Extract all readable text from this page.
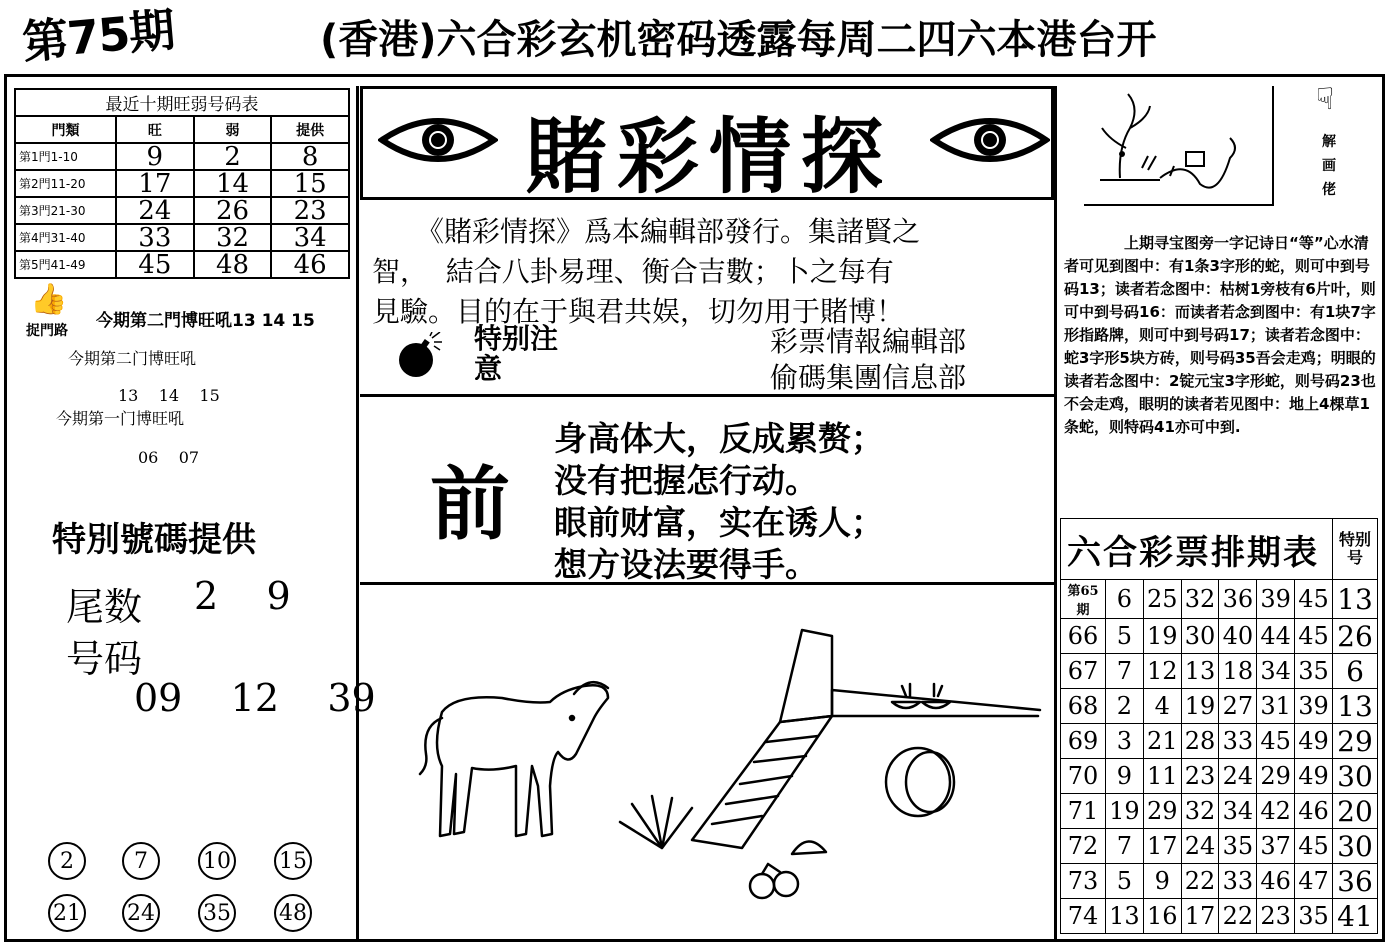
第75期	(香港)六合彩玄机密码透露每周二四六本港台开
最近十期旺弱号码表			
門類	旺	弱	提供
第1門1-10	9	2	8
第2門11-20	17	14	15
第3門21-30	24	26	23
第4門31-40	33	32	34
第5門41-49	45	48	46
👍
捉門路 今期第二門博旺吼13 14 15
今期第二门博旺吼
13    14    15
今期第一门博旺吼
06    07
特別號碼提供
尾数 2    9
号码
09    12    39
2	7	10 15
21 24 35 48
賭彩情探

《賭彩情探》爲本編輯部發行。集諸賢之

智，  結合八卦易理、衡合吉數；卜之每有

見驗。目的在于與君共娱，切勿用于賭博！

特别注意
彩票情報編輯部
偷碼集團信息部
前
身高体大，反成累赘；
没有把握怎行动。
眼前财富，实在诱人；
想方设法要得手。
☟
解画佬

上期寻宝图旁一字记诗日“等”心水清者可见到图中：有1条3字形的蛇，则可中到号码13；读者若念图中：枯树1旁枝有6片叶，则可中到号码16：而读者若念到图中：有1块7字形指路牌，则可中到号码17；读者若念图中：蛇3字形5块方砖，则号码35吾会走鸡；明眼的读者若念图中：2锭元宝3字形蛇，则号码23也不会走鸡，眼明的读者若见图中：地上4棵草1条蛇，则特码41亦可中到.

六合彩票排期表							特别号
第65期	6	25	32	36	39	45	13
66	5	19	30	40	44	45	26
67	7	12	13	18	34	35	6
68	2	4	19	27	31	39	13
69	3	21	28	33	45	49	29
70	9	11	23	24	29	49	30
71	19	29	32	34	42	46	20
72	7	17	24	35	37	45	30
73	5	9	22	33	46	47	36
74	13	16	17	22	23	35	41
